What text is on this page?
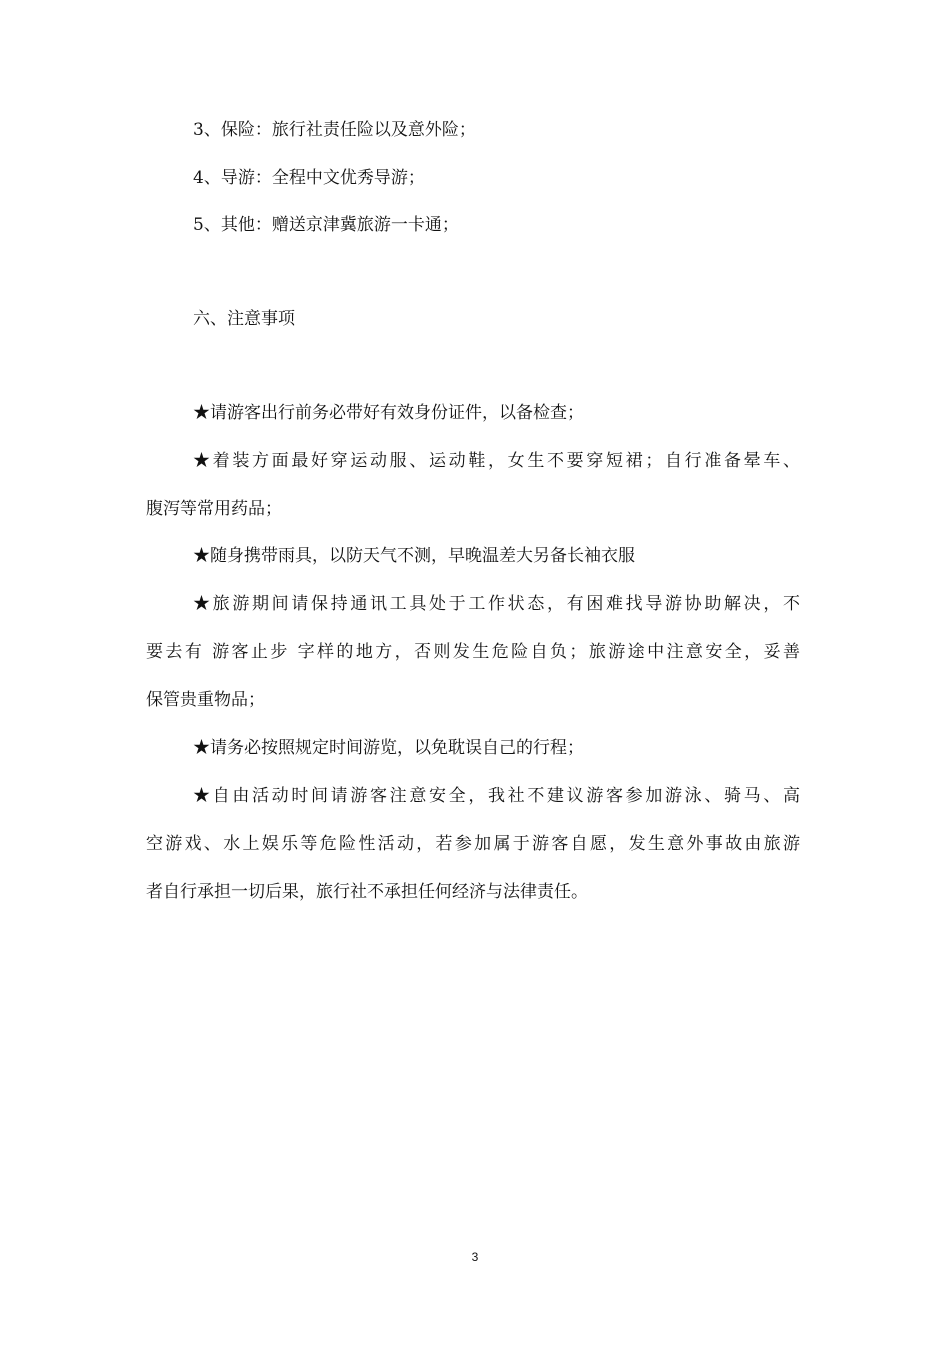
3、保险：旅行社责任险以及意外险；
4、导游：全程中文优秀导游；
5、其他：赠送京津冀旅游一卡通；
六、注意事项
★请游客出行前务必带好有效身份证件，以备检查；
★着装方面最好穿运动服、运动鞋，女生不要穿短裙；自行准备晕车、
腹泻等常用药品；
★随身携带雨具，以防天气不测，早晚温差大另备长袖衣服
★旅游期间请保持通讯工具处于工作状态，有困难找导游协助解决，不
要去有 游客止步 字样的地方，否则发生危险自负；旅游途中注意安全，妥善
保管贵重物品；
★请务必按照规定时间游览，以免耽误自己的行程；
★自由活动时间请游客注意安全，我社不建议游客参加游泳、骑马、高
空游戏、水上娱乐等危险性活动，若参加属于游客自愿，发生意外事故由旅游
者自行承担一切后果，旅行社不承担任何经济与法律责任。
3
